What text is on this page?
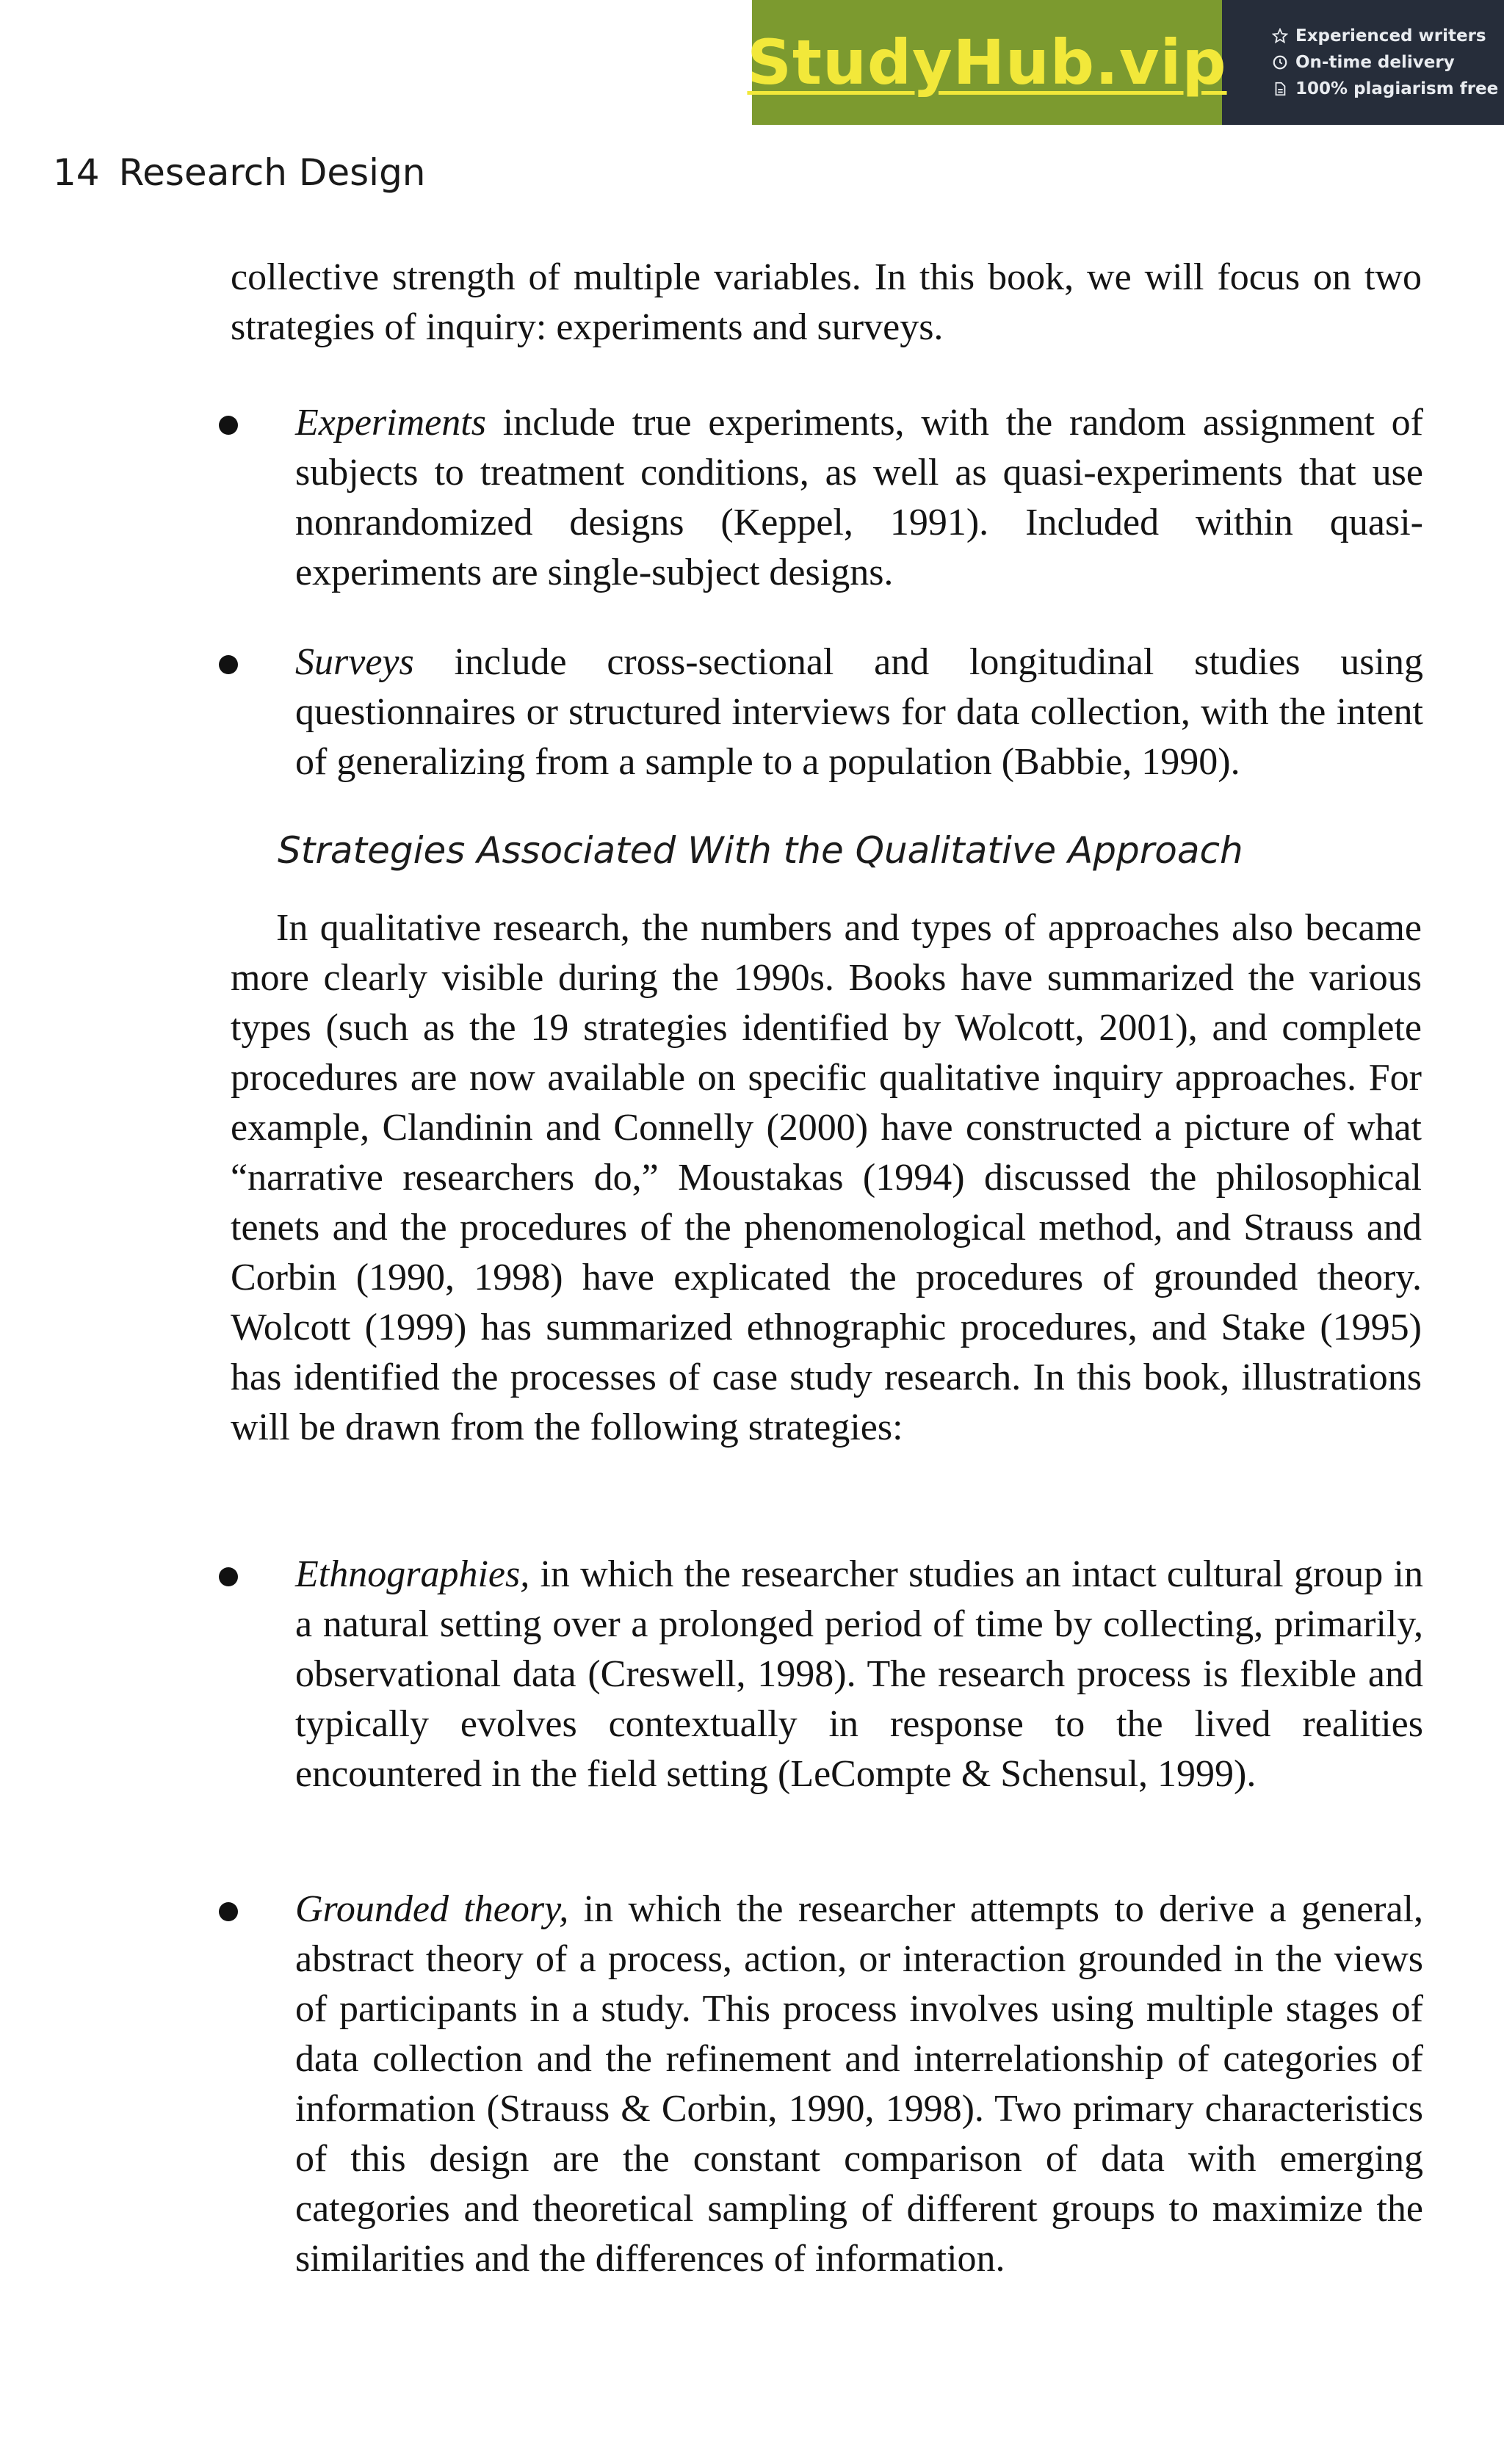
StudyHub.vip	Experienced writers
On-time delivery
100% plagiarism free
14 Research Design

collective strength of multiple variables. In this book, we will focus on two strategies of inquiry: experiments and surveys.

Experiments include true experiments, with the random assignment of subjects to treatment conditions, as well as quasi-experiments that use nonrandomized designs (Keppel, 1991). Included within quasi-experiments are single-subject designs.
Surveys include cross-sectional and longitudinal studies using questionnaires or structured interviews for data collection, with the intent of generalizing from a sample to a population (Babbie, 1990).
Strategies Associated With the Qualitative Approach

In qualitative research, the numbers and types of approaches also became more clearly visible during the 1990s. Books have summarized the various types (such as the 19 strategies identified by Wolcott, 2001), and complete procedures are now available on specific qualitative inquiry approaches. For example, Clandinin and Connelly (2000) have constructed a picture of what “narrative researchers do,” Moustakas (1994) discussed the philosophical tenets and the procedures of the phenomenological method, and Strauss and Corbin (1990, 1998) have explicated the procedures of grounded theory. Wolcott (1999) has summarized ethnographic procedures, and Stake (1995) has identified the processes of case study research. In this book, illustrations will be drawn from the following strategies:

Ethnographies, in which the researcher studies an intact cultural group in a natural setting over a prolonged period of time by collecting, primarily, observational data (Creswell, 1998). The research process is flexible and typically evolves contextually in response to the lived realities encountered in the field setting (LeCompte & Schensul, 1999).
Grounded theory, in which the researcher attempts to derive a general, abstract theory of a process, action, or interaction grounded in the views of participants in a study. This process involves using multiple stages of data collection and the refinement and interrelationship of categories of information (Strauss & Corbin, 1990, 1998). Two primary characteristics of this design are the constant comparison of data with emerging categories and theoretical sampling of different groups to maximize the similarities and the differences of information.
